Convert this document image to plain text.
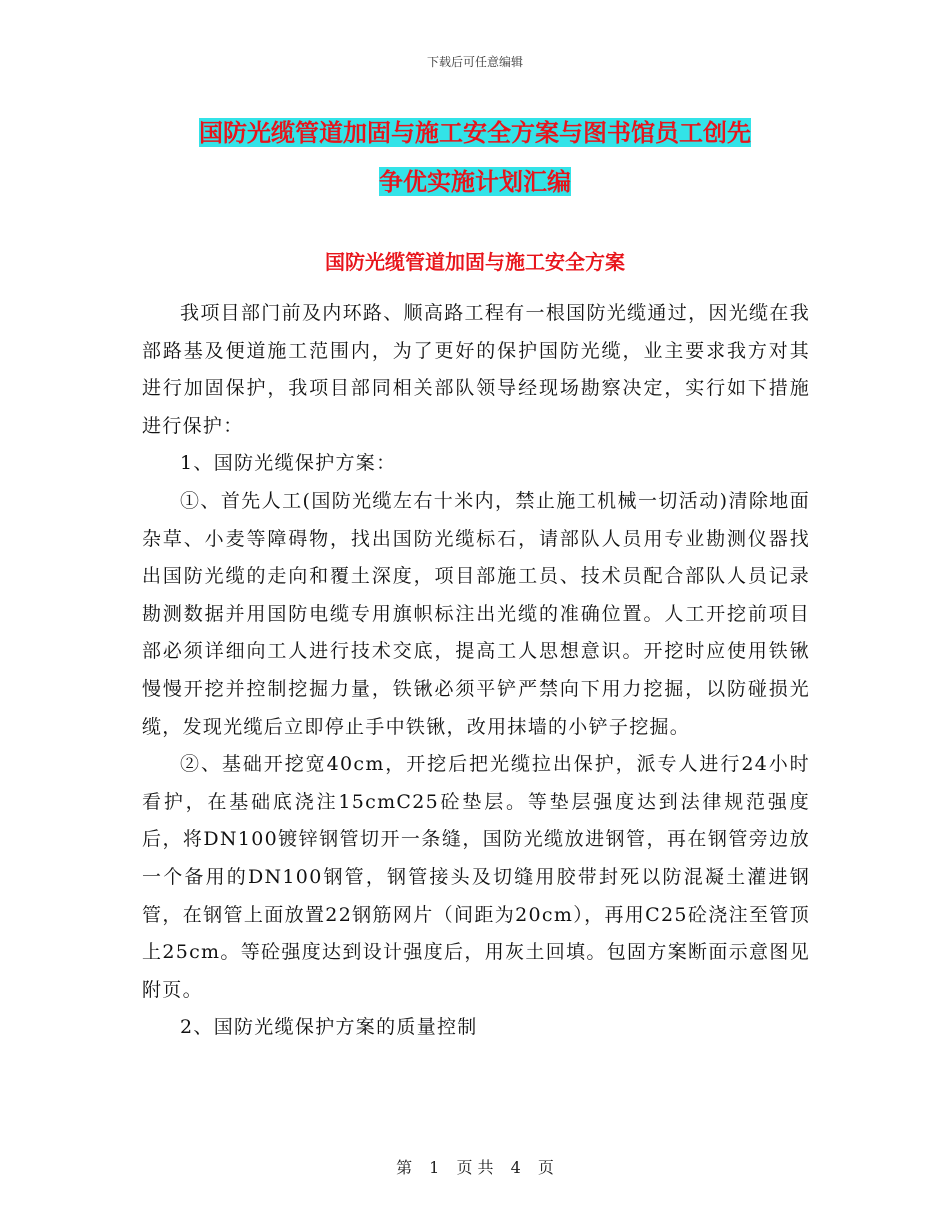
下载后可任意编辑
国防光缆管道加固与施工安全方案与图书馆员工创先
争优实施计划汇编
国防光缆管道加固与施工安全方案

我项目部门前及内环路、顺高路工程有一根国防光缆通过，因光缆在我部路基及便道施工范围内，为了更好的保护国防光缆，业主要求我方对其进行加固保护，我项目部同相关部队领导经现场勘察决定，实行如下措施进行保护：

1、国防光缆保护方案：

①、首先人工(国防光缆左右十米内，禁止施工机械一切活动)清除地面杂草、小麦等障碍物，找出国防光缆标石，请部队人员用专业勘测仪器找出国防光缆的走向和覆土深度，项目部施工员、技术员配合部队人员记录勘测数据并用国防电缆专用旗帜标注出光缆的准确位置。人工开挖前项目部必须详细向工人进行技术交底，提高工人思想意识。开挖时应使用铁锹慢慢开挖并控制挖掘力量，铁锹必须平铲严禁向下用力挖掘，以防碰损光缆，发现光缆后立即停止手中铁锹，改用抹墙的小铲子挖掘。

②、基础开挖宽40cm，开挖后把光缆拉出保护，派专人进行24小时看护，在基础底浇注15cmC25砼垫层。等垫层强度达到法律规范强度后，将DN100镀锌钢管切开一条缝，国防光缆放进钢管，再在钢管旁边放一个备用的DN100钢管，钢管接头及切缝用胶带封死以防混凝土灌进钢管，在钢管上面放置22钢筋网片（间距为20cm），再用C25砼浇注至管顶上25cm。等砼强度达到设计强度后，用灰土回填。包固方案断面示意图见附页。

2、国防光缆保护方案的质量控制

第 1 页 共 4 页
